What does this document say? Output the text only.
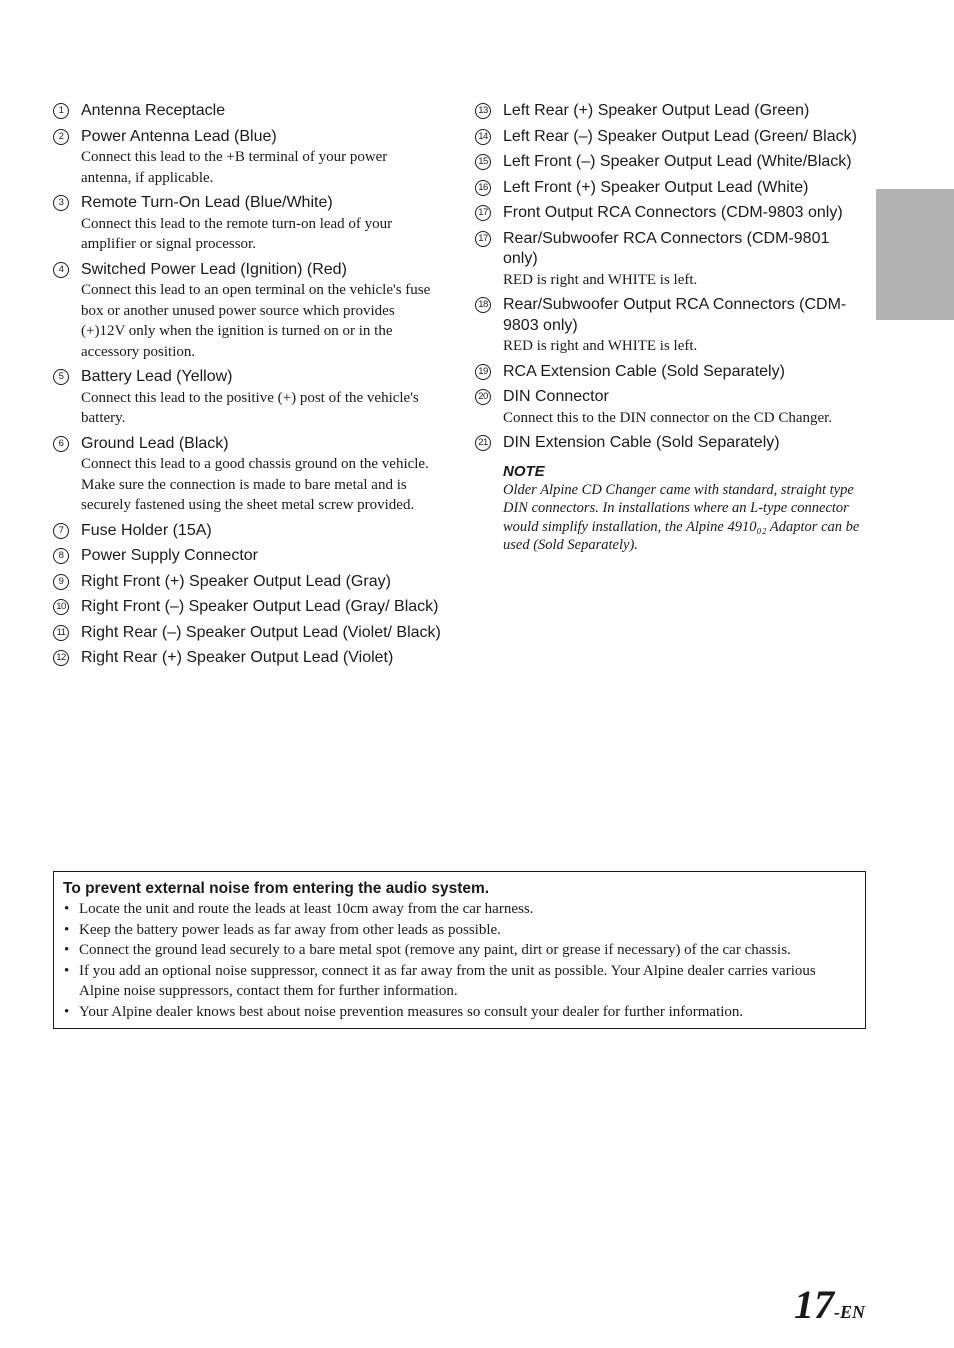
1	Antenna Receptacle
2	Power Antenna Lead (Blue)
Connect this lead to the +B terminal of your power antenna, if applicable.
3	Remote Turn-On Lead (Blue/White)
Connect this lead to the remote turn-on lead of your amplifier or signal processor.
4	Switched Power Lead (Ignition) (Red)
Connect this lead to an open terminal on the vehicle's fuse box or another unused power source which provides (+)12V only when the ignition is turned on or in the accessory position.
5	Battery Lead (Yellow)
Connect this lead to the positive (+) post of the vehicle's battery.
6	Ground Lead (Black)
Connect this lead to a good chassis ground on the vehicle. Make sure the connection is made to bare metal and is securely fastened using the sheet metal screw provided.
7	Fuse Holder (15A)
8	Power Supply Connector
9	Right Front (+) Speaker Output Lead (Gray)
10 Right Front (–) Speaker Output Lead (Gray/ Black)
11 Right Rear (–) Speaker Output Lead (Violet/ Black)
12 Right Rear (+) Speaker Output Lead (Violet)
13 Left Rear (+) Speaker Output Lead (Green)
14 Left Rear (–) Speaker Output Lead (Green/ Black)
15 Left Front (–) Speaker Output Lead (White/Black)
16 Left Front (+) Speaker Output Lead (White)
17 Front Output RCA Connectors (CDM-9803 only)
17 Rear/Subwoofer RCA Connectors (CDM-9801 only)
RED is right and WHITE is left.
18 Rear/Subwoofer Output RCA Connectors (CDM-9803 only)
RED is right and WHITE is left.
19 RCA Extension Cable (Sold Separately)
20 DIN Connector
Connect this to the DIN connector on the CD Changer.
21 DIN Extension Cable (Sold Separately)
NOTE
Older Alpine CD Changer came with standard, straight type DIN connectors. In installations where an L-type connector would simplify installation, the Alpine 4910₀₂ Adaptor can be used (Sold Separately).
To prevent external noise from entering the audio system.
• Locate the unit and route the leads at least 10cm away from the car harness.
• Keep the battery power leads as far away from other leads as possible.
• Connect the ground lead securely to a bare metal spot (remove any paint, dirt or grease if necessary) of the car chassis.
• If you add an optional noise suppressor, connect it as far away from the unit as possible. Your Alpine dealer carries various Alpine noise suppressors, contact them for further information.
• Your Alpine dealer knows best about noise prevention measures so consult your dealer for further information.
17-EN
